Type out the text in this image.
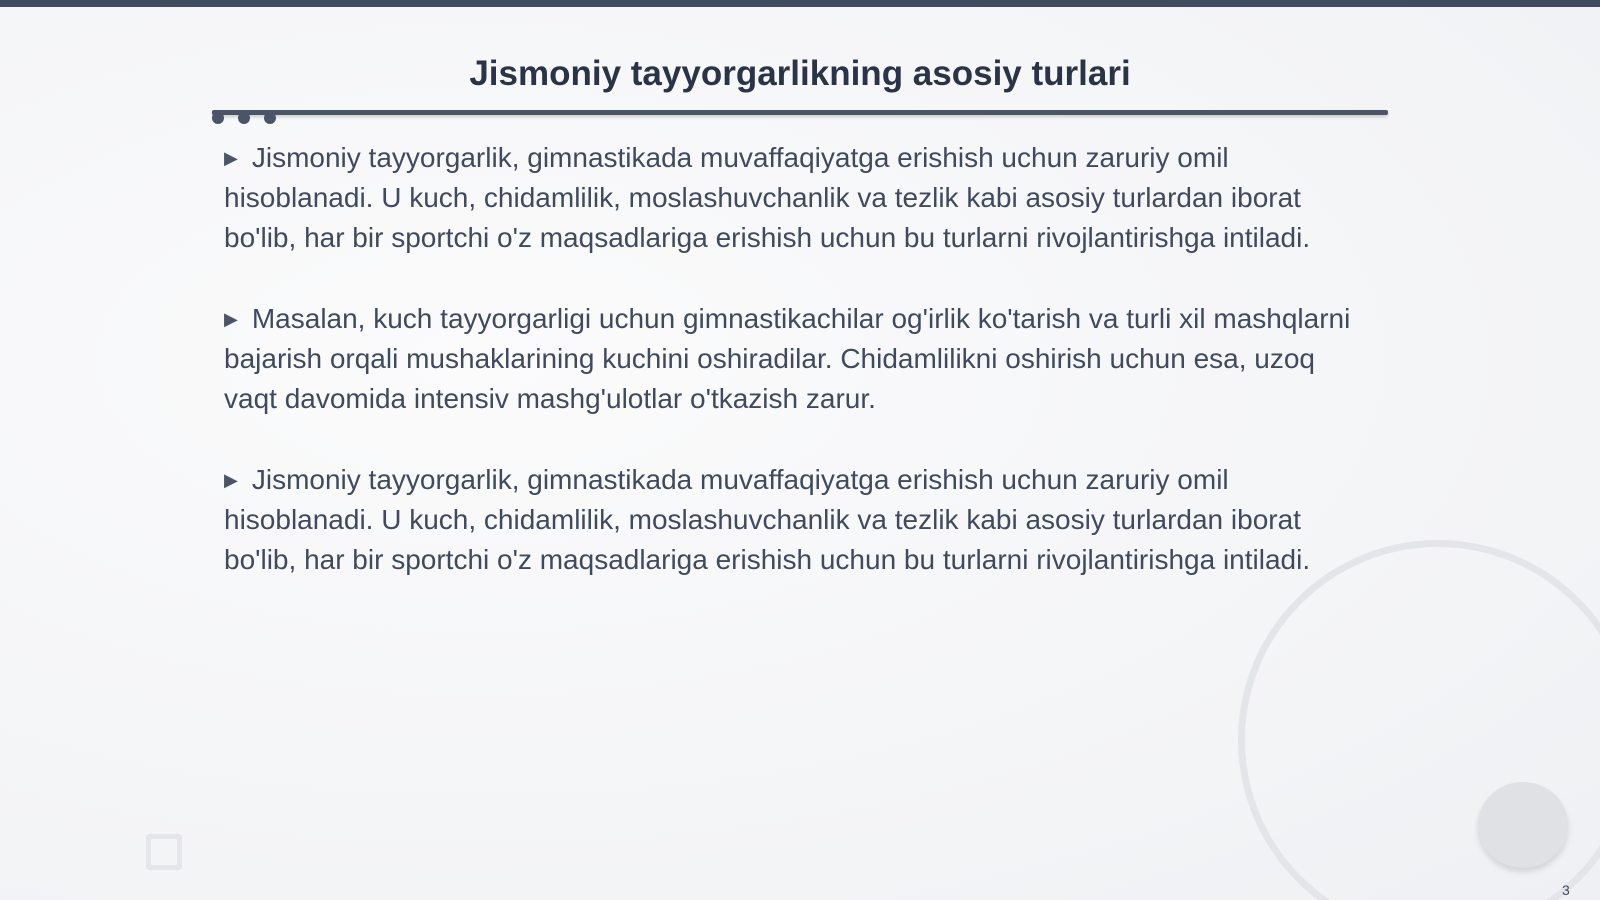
Jismoniy tayyorgarlikning asosiy turlari

▶ Jismoniy tayyorgarlik, gimnastikada muvaffaqiyatga erishish uchun zaruriy omil hisoblanadi. U kuch, chidamlilik, moslashuvchanlik va tezlik kabi asosiy turlardan iborat bo'lib, har bir sportchi o'z maqsadlariga erishish uchun bu turlarni rivojlantirishga intiladi.

▶ Masalan, kuch tayyorgarligi uchun gimnastikachilar og'irlik ko'tarish va turli xil mashqlarni bajarish orqali mushaklarining kuchini oshiradilar. Chidamlilikni oshirish uchun esa, uzoq vaqt davomida intensiv mashg'ulotlar o'tkazish zarur.

▶ Jismoniy tayyorgarlik, gimnastikada muvaffaqiyatga erishish uchun zaruriy omil hisoblanadi. U kuch, chidamlilik, moslashuvchanlik va tezlik kabi asosiy turlardan iborat bo'lib, har bir sportchi o'z maqsadlariga erishish uchun bu turlarni rivojlantirishga intiladi.

3
